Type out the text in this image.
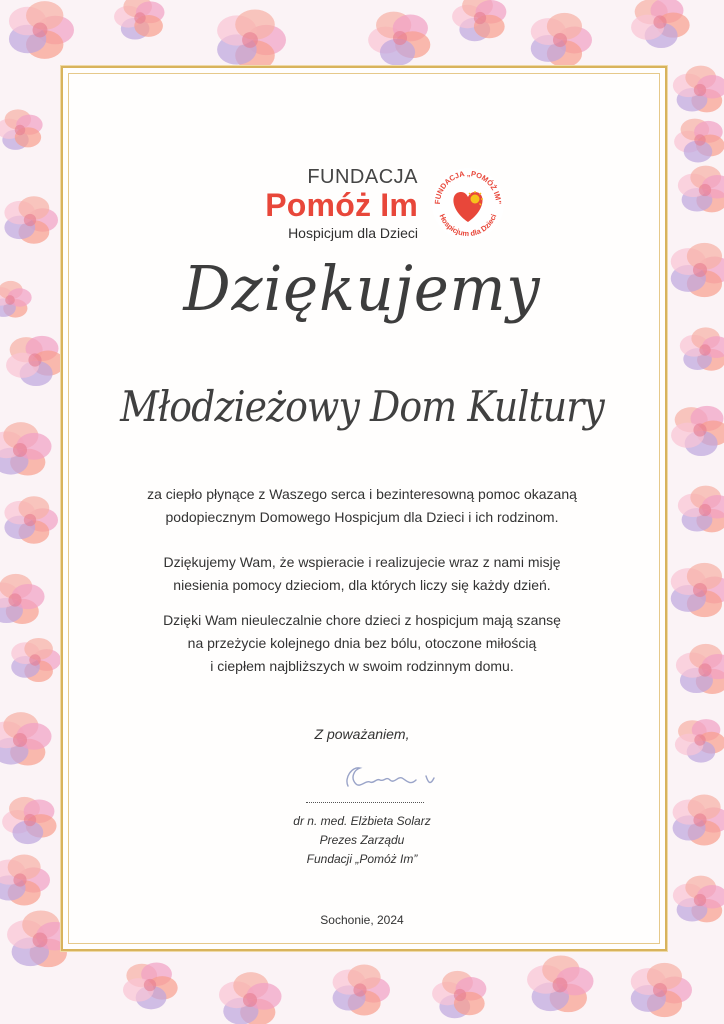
FUNDACJA
Pomóż Im
Hospicjum dla Dzieci
FUNDACJA „POMÓŻ IM”
Hospicjum dla Dzieci
Dziękujemy
Młodzieżowy Dom Kultury
za ciepło płynące z Waszego serca i bezinteresowną pomoc okazaną
podopiecznym Domowego Hospicjum dla Dzieci i ich rodzinom.
Dziękujemy Wam, że wspieracie i realizujecie wraz z nami misję
niesienia pomocy dzieciom, dla których liczy się każdy dzień.
Dzięki Wam nieuleczalnie chore dzieci z hospicjum mają szansę
na przeżycie kolejnego dnia bez bólu, otoczone miłością
i ciepłem najbliższych w swoim rodzinnym domu.
Z poważaniem,
dr n. med. Elżbieta Solarz
Prezes Zarządu
Fundacji „Pomóż Im”
Sochonie, 2024
